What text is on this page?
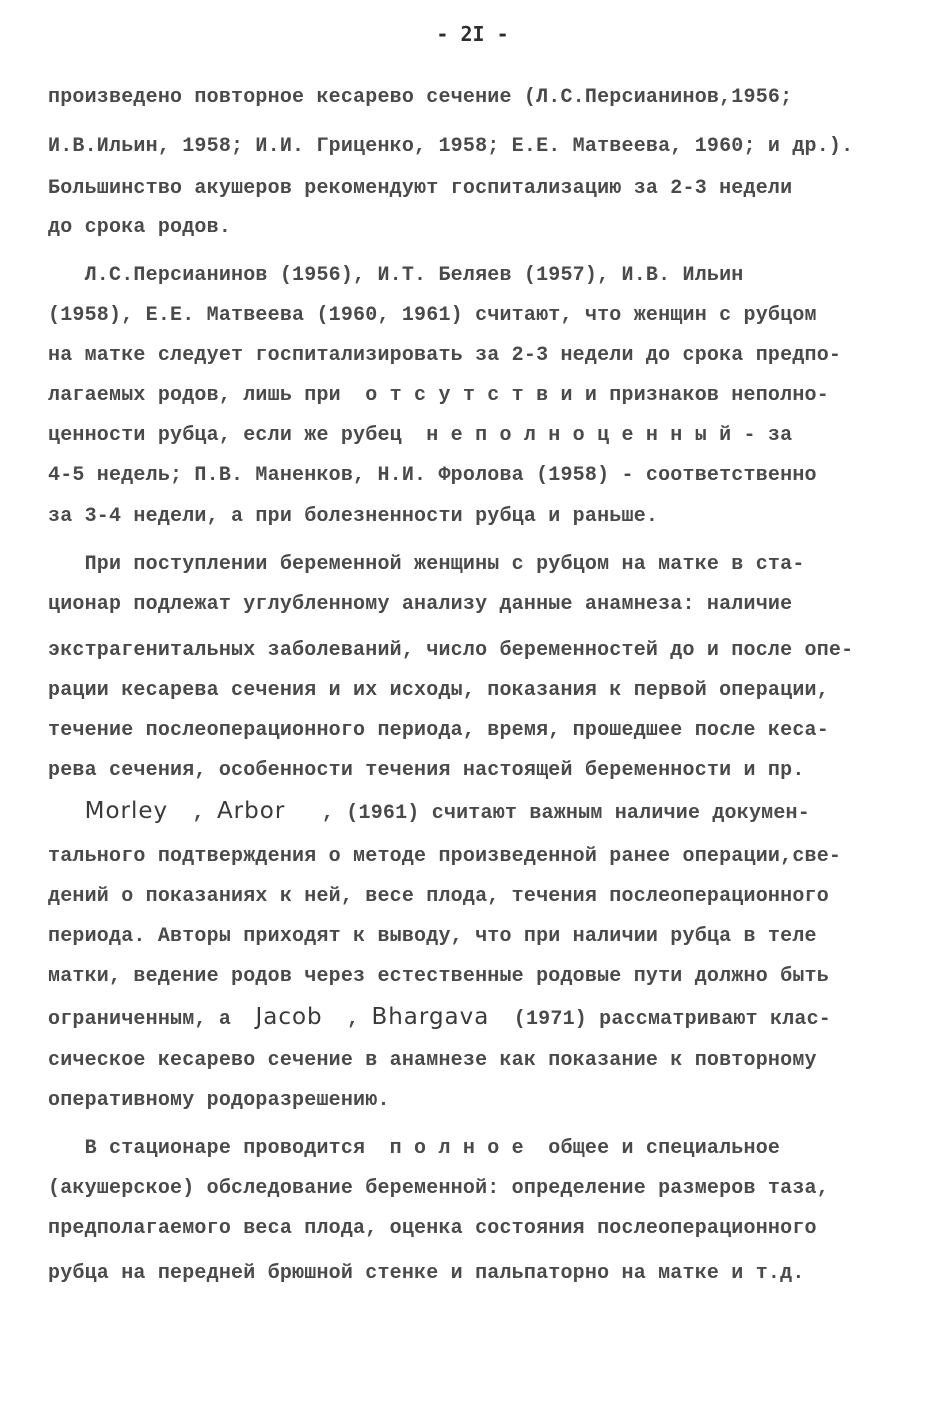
- 2I -
произведено повторное кесарево сечение (Л.С.Персианинов,1956;
И.В.Ильин, 1958; И.И. Гриценко, 1958; Е.Е. Матвеева, 1960; и др.).
Большинство акушеров рекомендуют госпитализацию за 2-3 недели
до срока родов.
Л.С.Персианинов (1956), И.Т. Беляев (1957), И.В. Ильин
(1958), Е.Е. Матвеева (1960, 1961) считают, что женщин с рубцом
на матке следует госпитализировать за 2-3 недели до срока предпо-
лагаемых родов, лишь при  о т с у т с т в и и признаков неполно-
ценности рубца, если же рубец  н е п о л н о ц е н н ы й - за
4-5 недель; П.В. Маненков, Н.И. Фролова (1958) - соответственно
за 3-4 недели, а при болезненности рубца и раньше.
При поступлении беременной женщины с рубцом на матке в ста-
ционар подлежат углубленному анализу данные анамнеза: наличие
экстрагенитальных заболеваний, число беременностей до и после опе-
рации кесарева сечения и их исходы, показания к первой операции,
течение послеоперационного периода, время, прошедшее после кеса-
рева сечения, особенности течения настоящей беременности и пр.
Morley  , Arbor   , (1961) считают важным наличие докумен-
тального подтверждения о методе произведенной ранее операции,све-
дений о показаниях к ней, весе плода, течения послеоперационного
периода. Авторы приходят к выводу, что при наличии рубца в теле
матки, ведение родов через естественные родовые пути должно быть
ограниченным, а  Jacob  , Bhargava  (1971) рассматривают клас-
сическое кесарево сечение в анамнезе как показание к повторному
оперативному родоразрешению.
В стационаре проводится  п о л н о е  общее и специальное
(акушерское) обследование беременной: определение размеров таза,
предполагаемого веса плода, оценка состояния послеоперационного
рубца на передней брюшной стенке и пальпаторно на матке и т.д.
